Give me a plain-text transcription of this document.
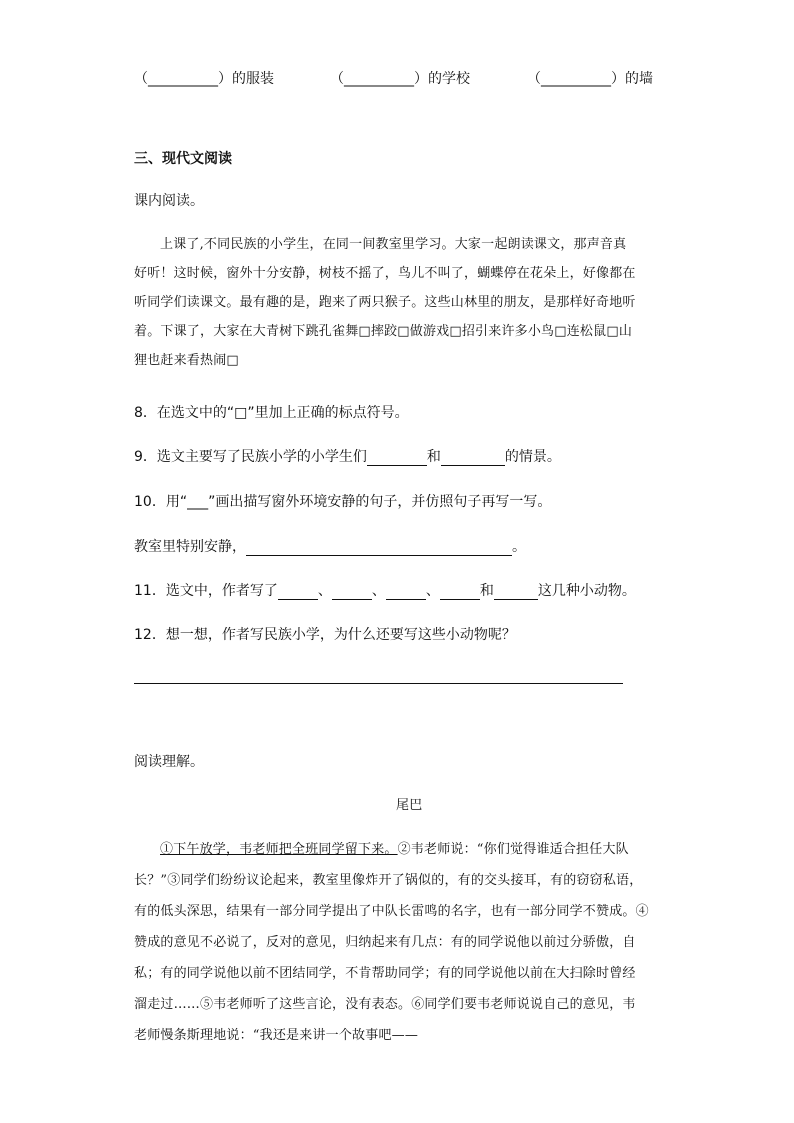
（__________）的服装	（__________）的学校	（__________）的墙
三、现代文阅读
课内阅读。
上课了,不同民族的小学生，在同一间教室里学习。大家一起朗读课文，那声音真
好听！这时候，窗外十分安静，树枝不摇了，鸟儿不叫了，蝴蝶停在花朵上，好像都在
听同学们读课文。最有趣的是，跑来了两只猴子。这些山林里的朋友，是那样好奇地听
着。下课了，大家在大青树下跳孔雀舞□摔跤□做游戏□招引来许多小鸟□连松鼠□山
狸也赶来看热闹□
8．在选文中的“□”里加上正确的标点符号。
9．选文主要写了民族小学的小学生们	和	的情景。
10．用“___”画出描写窗外环境安静的句子，并仿照句子再写一写。
教室里特别安静，	。
11．选文中，作者写了	、	、	、	和	这几种小动物。
12．想一想，作者写民族小学，为什么还要写这些小动物呢？
阅读理解。
尾巴
①下午放学，韦老师把全班同学留下来。②韦老师说：“你们觉得谁适合担任大队
长？”③同学们纷纷议论起来，教室里像炸开了锅似的，有的交头接耳，有的窃窃私语，
有的低头深思，结果有一部分同学提出了中队长雷鸣的名字，也有一部分同学不赞成。④
赞成的意见不必说了，反对的意见，归纳起来有几点：有的同学说他以前过分骄傲，自
私；有的同学说他以前不团结同学，不肯帮助同学；有的同学说他以前在大扫除时曾经
溜走过……⑤韦老师听了这些言论，没有表态。⑥同学们要韦老师说说自己的意见，韦
老师慢条斯理地说：“我还是来讲一个故事吧——
